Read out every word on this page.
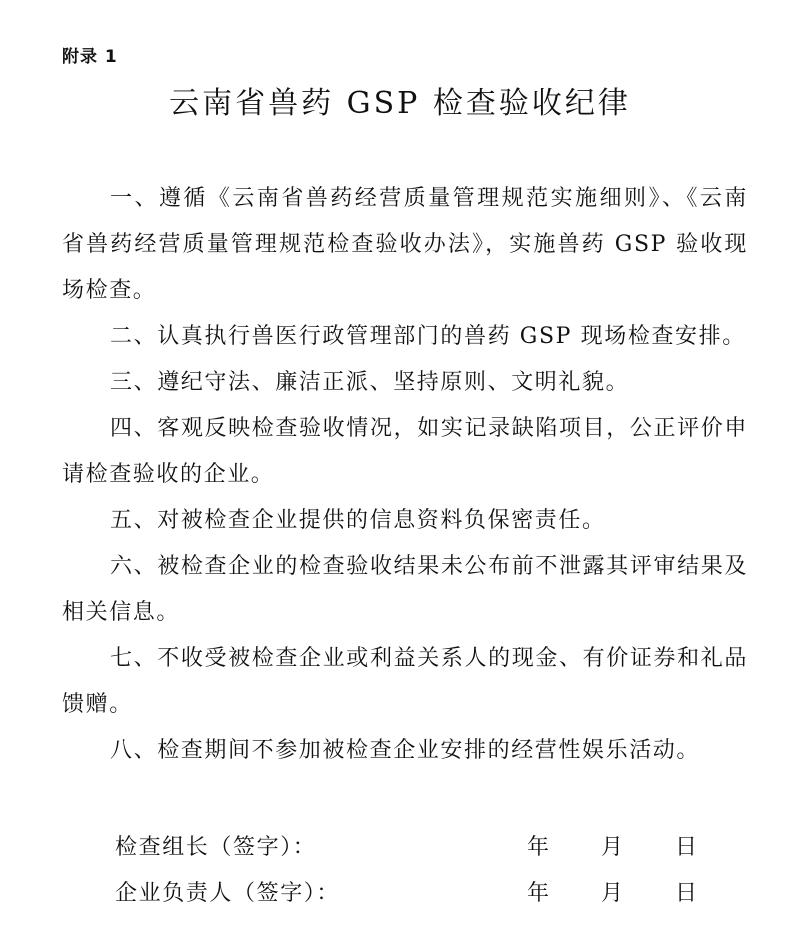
附录 1
云南省兽药 GSP 检查验收纪律

一、遵循《云南省兽药经营质量管理规范实施细则》、《云南省兽药经营质量管理规范检查验收办法》，实施兽药 GSP 验收现场检查。

二、认真执行兽医行政管理部门的兽药 GSP 现场检查安排。

三、遵纪守法、廉洁正派、坚持原则、文明礼貌。

四、客观反映检查验收情况，如实记录缺陷项目，公正评价申请检查验收的企业。

五、对被检查企业提供的信息资料负保密责任。

六、被检查企业的检查验收结果未公布前不泄露其评审结果及相关信息。

七、不收受被检查企业或利益关系人的现金、有价证券和礼品馈赠。

八、检查期间不参加被检查企业安排的经营性娱乐活动。

检查组长（签字）：	年 月 日
企业负责人（签字）：	年 月 日
